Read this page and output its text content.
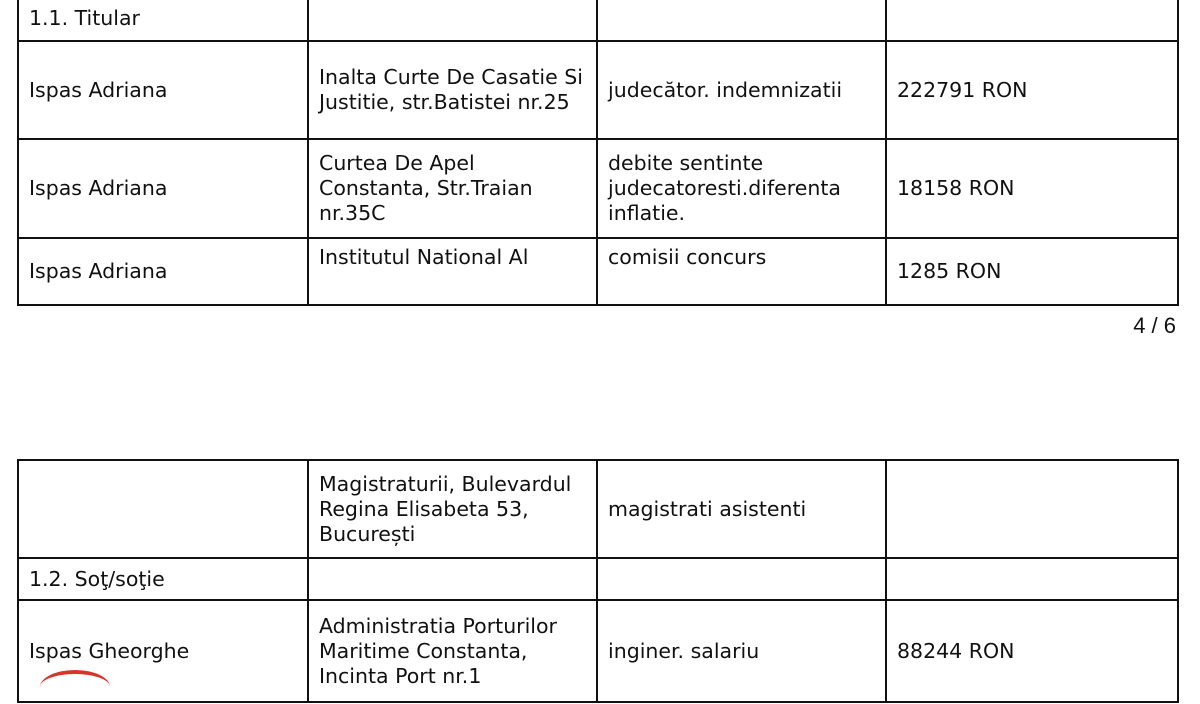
1.1. Titular			
Ispas Adriana	Inalta Curte De Casatie Si Justitie, str.Batistei nr.25	judecător. indemnizatii	222791 RON
Ispas Adriana	Curtea De Apel Constanta, Str.Traian nr.35C	debite sentinte judecatoresti.diferenta inflatie.	18158 RON
Ispas Adriana	Institutul National Al	comisii concurs	1285 RON
4 / 6
	Magistraturii, Bulevardul Regina Elisabeta 53, București	magistrati asistenti	
1.2. Soţ/soţie			
Ispas Gheorghe	Administratia Porturilor Maritime Constanta, Incinta Port nr.1	inginer. salariu	88244 RON
